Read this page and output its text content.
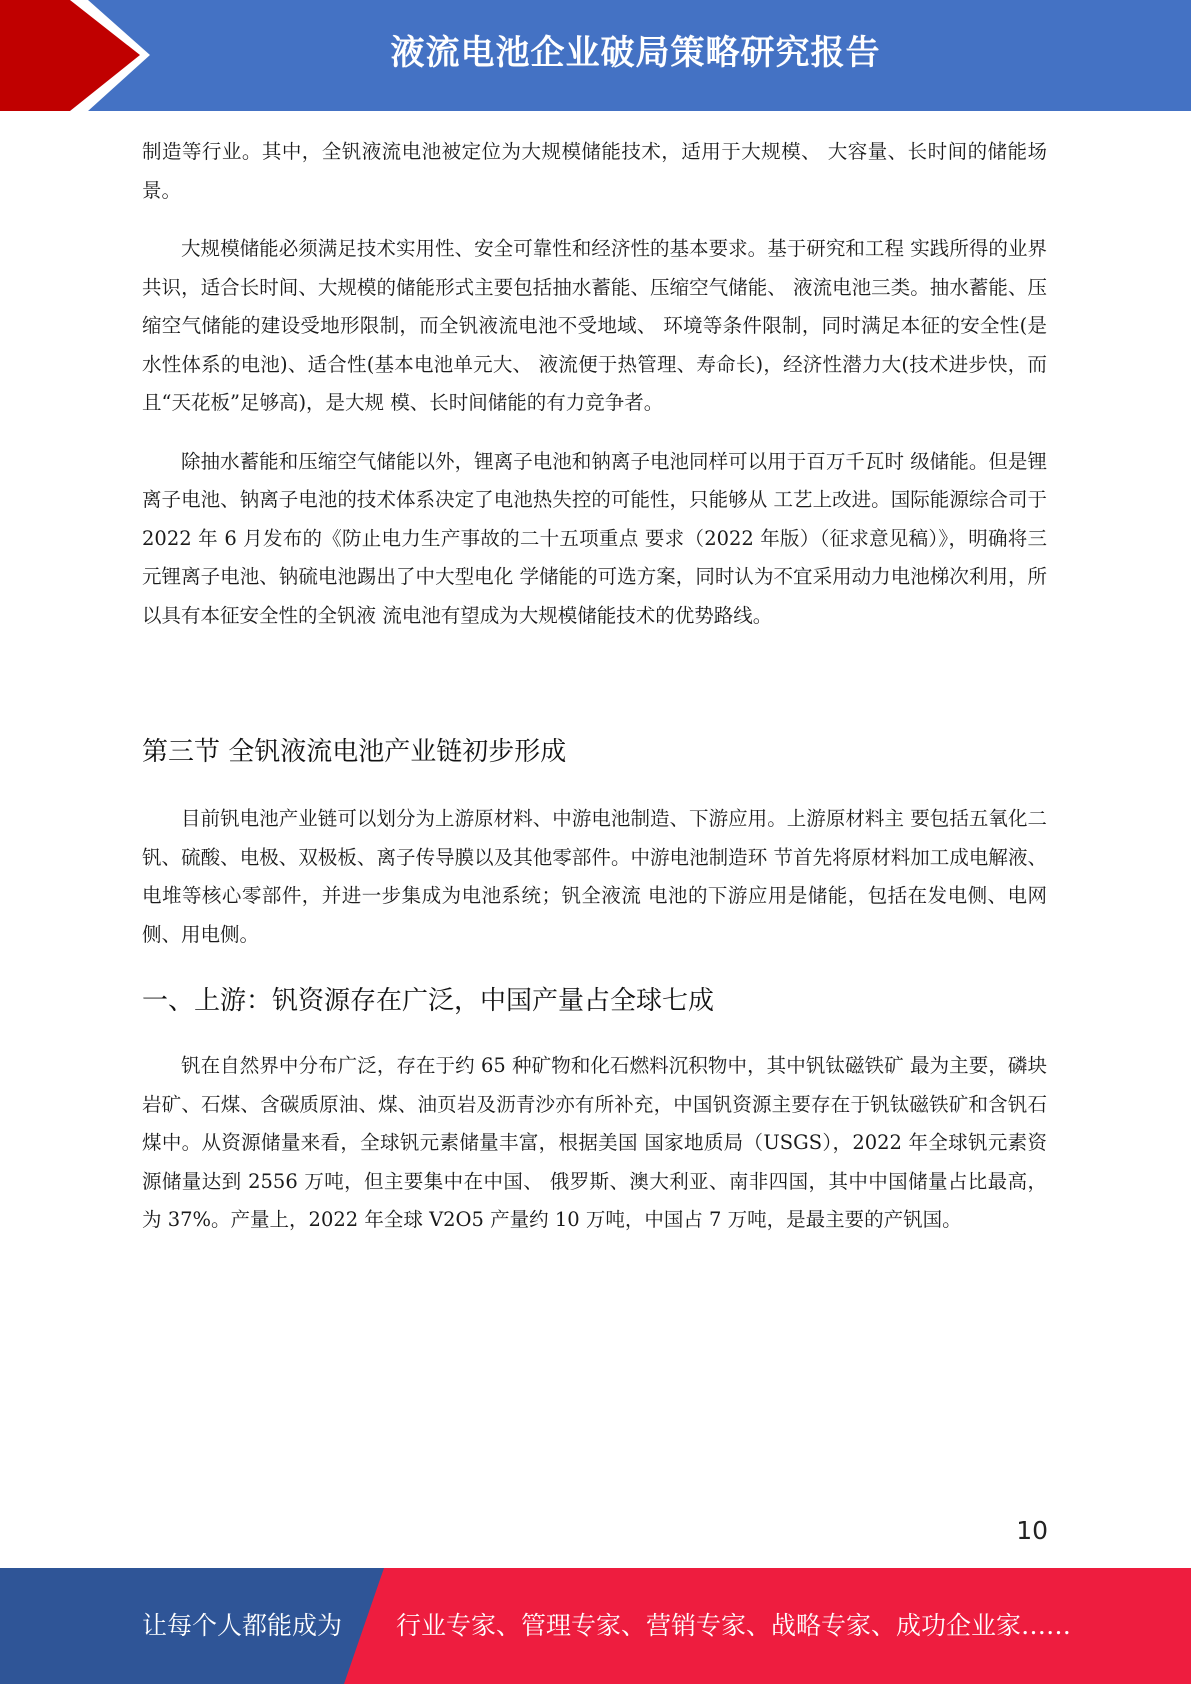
液流电池企业破局策略研究报告

制造等行业。其中，全钒液流电池被定位为大规模储能技术，适用于大规模、 大容量、长时间的储能场景。

大规模储能必须满足技术实用性、安全可靠性和经济性的基本要求。基于研究和工程 实践所得的业界共识，适合长时间、大规模的储能形式主要包括抽水蓄能、压缩空气储能、 液流电池三类。抽水蓄能、压缩空气储能的建设受地形限制，而全钒液流电池不受地域、 环境等条件限制，同时满足本征的安全性(是水性体系的电池)、适合性(基本电池单元大、 液流便于热管理、寿命长)，经济性潜力大(技术进步快，而且“天花板”足够高)，是大规 模、长时间储能的有力竞争者。

除抽水蓄能和压缩空气储能以外，锂离子电池和钠离子电池同样可以用于百万千瓦时 级储能。但是锂离子电池、钠离子电池的技术体系决定了电池热失控的可能性，只能够从 工艺上改进。国际能源综合司于 2022 年 6 月发布的《防止电力生产事故的二十五项重点 要求（2022 年版）（征求意见稿）》，明确将三元锂离子电池、钠硫电池踢出了中大型电化 学储能的可选方案，同时认为不宜采用动力电池梯次利用，所以具有本征安全性的全钒液 流电池有望成为大规模储能技术的优势路线。

第三节 全钒液流电池产业链初步形成

目前钒电池产业链可以划分为上游原材料、中游电池制造、下游应用。上游原材料主 要包括五氧化二钒、硫酸、电极、双极板、离子传导膜以及其他零部件。中游电池制造环 节首先将原材料加工成电解液、电堆等核心零部件，并进一步集成为电池系统；钒全液流 电池的下游应用是储能，包括在发电侧、电网侧、用电侧。

一、上游：钒资源存在广泛，中国产量占全球七成

钒在自然界中分布广泛，存在于约 65 种矿物和化石燃料沉积物中，其中钒钛磁铁矿 最为主要，磷块岩矿、石煤、含碳质原油、煤、油页岩及沥青沙亦有所补充，中国钒资源主要存在于钒钛磁铁矿和含钒石煤中。从资源储量来看，全球钒元素储量丰富，根据美国 国家地质局（USGS），2022 年全球钒元素资源储量达到 2556 万吨，但主要集中在中国、 俄罗斯、澳大利亚、南非四国，其中中国储量占比最高，为 37%。产量上，2022 年全球 V2O5 产量约 10 万吨，中国占 7 万吨，是最主要的产钒国。

10
让每个人都能成为 行业专家、管理专家、营销专家、战略专家、成功企业家……
